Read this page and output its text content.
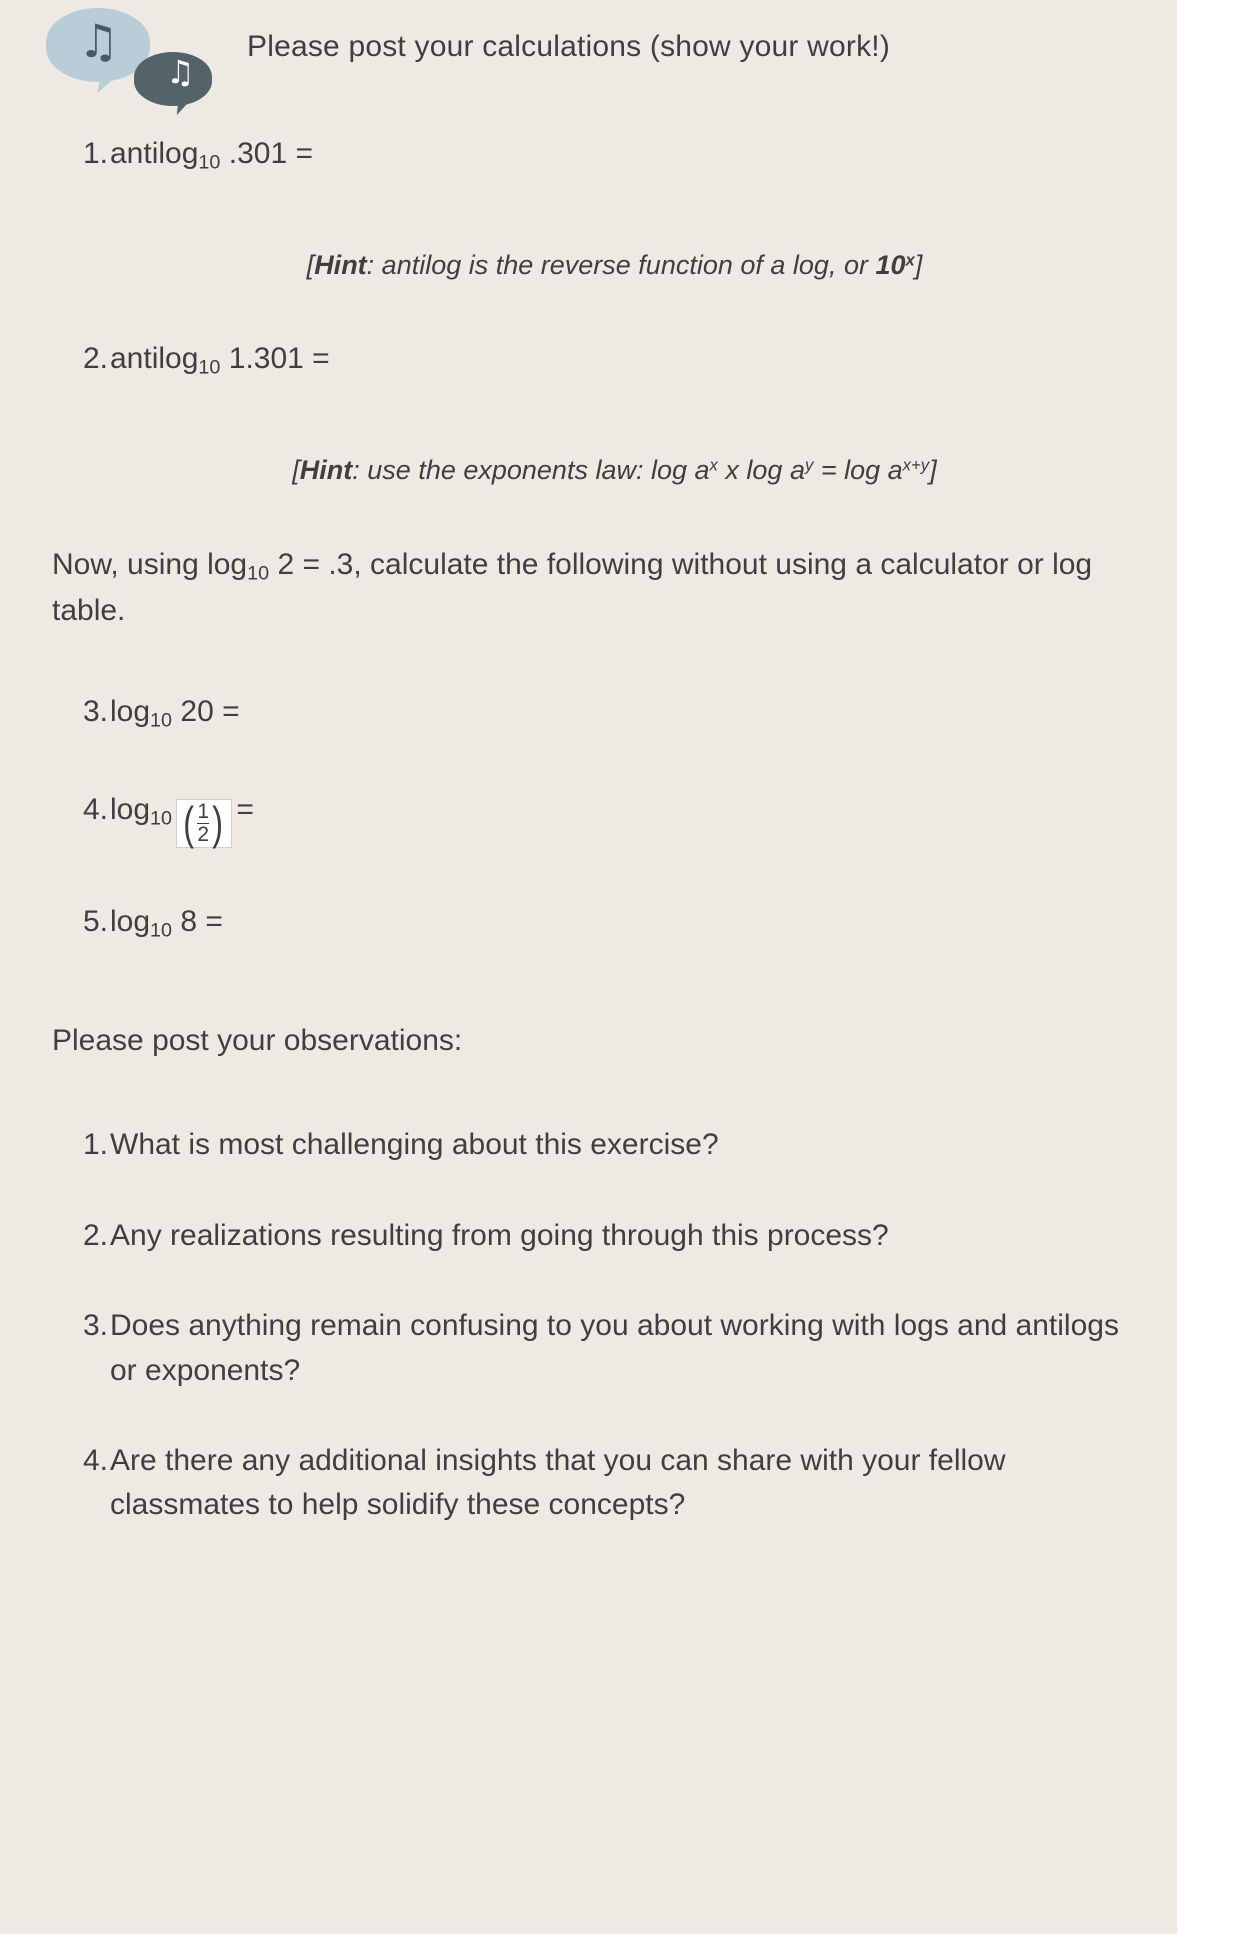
♫
♫
Please post your calculations (show your work!)
1. antilog$_{10}$ .301 =

[Hint: antilog is the reverse function of a log, or 10$^x$]

2. antilog$_{10}$ 1.301 =

[Hint: use the exponents law: $\log a^x$ x $\log a^y = \log a^{x+y}$]

Now, using $\log_{10} 2 = .3$, calculate the following without using a calculator or log table.

3. $\log_{10} 20$ =
4. $\log_{10}$ ( $\frac{1}{2}$ ) =
5. $\log_{10} 8$ =

Please post your observations:

1. What is most challenging about this exercise?
2. Any realizations resulting from going through this process?
3. Does anything remain confusing to you about working with logs and antilogs or exponents?
4. Are there any additional insights that you can share with your fellow classmates to help solidify these concepts?
